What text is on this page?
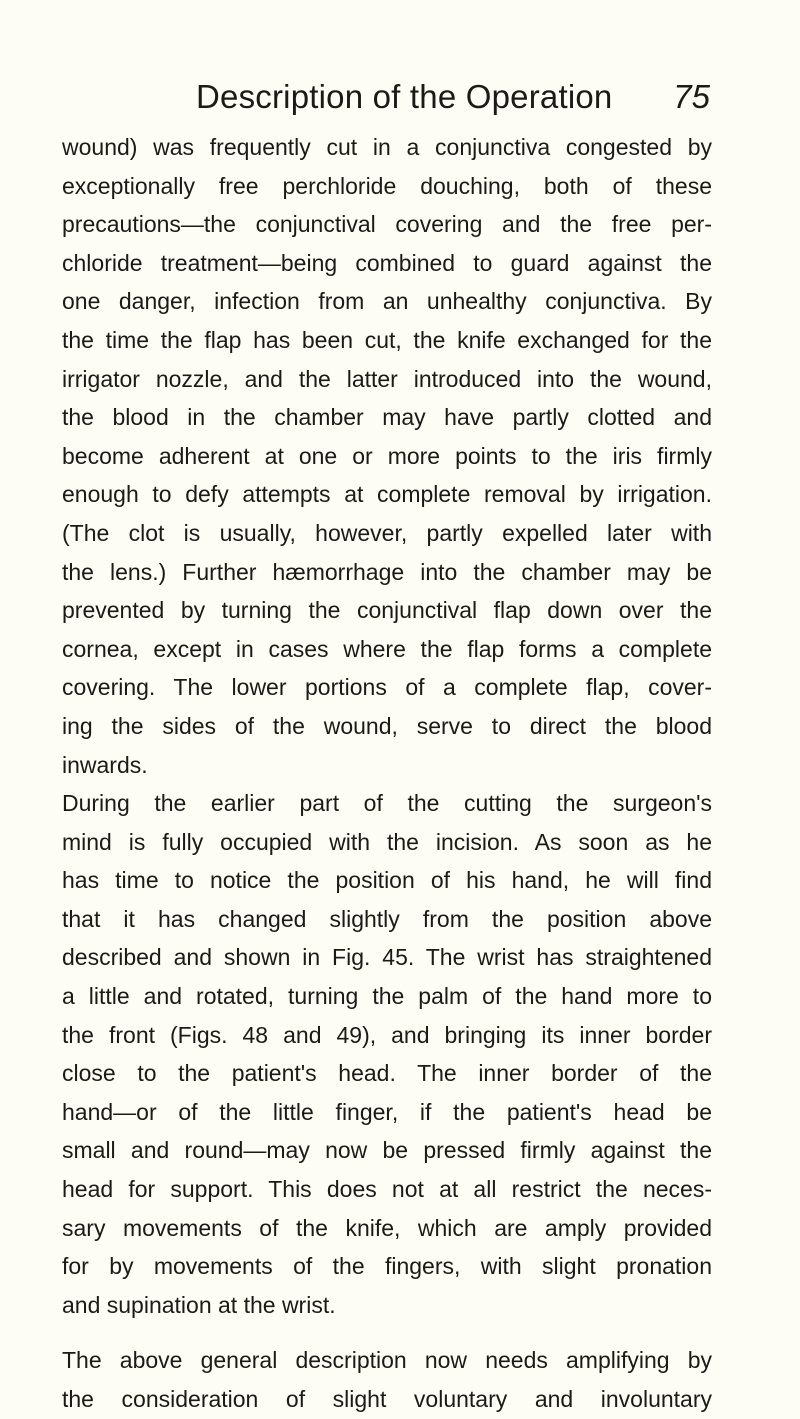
Description of the Operation 75
wound) was frequently cut in a conjunctiva congested by
exceptionally free perchloride douching, both of these
precautions—the conjunctival covering and the free per-
chloride treatment—being combined to guard against the
one danger, infection from an unhealthy conjunctiva. By
the time the flap has been cut, the knife exchanged for the
irrigator nozzle, and the latter introduced into the wound,
the blood in the chamber may have partly clotted and
become adherent at one or more points to the iris firmly
enough to defy attempts at complete removal by irrigation.
(The clot is usually, however, partly expelled later with
the lens.) Further hæmorrhage into the chamber may be
prevented by turning the conjunctival flap down over the
cornea, except in cases where the flap forms a complete
covering. The lower portions of a complete flap, cover-
ing the sides of the wound, serve to direct the blood
inwards.
During the earlier part of the cutting the surgeon's
mind is fully occupied with the incision. As soon as he
has time to notice the position of his hand, he will find
that it has changed slightly from the position above
described and shown in Fig. 45. The wrist has straightened
a little and rotated, turning the palm of the hand more to
the front (Figs. 48 and 49), and bringing its inner border
close to the patient's head. The inner border of the
hand—or of the little finger, if the patient's head be
small and round—may now be pressed firmly against the
head for support. This does not at all restrict the neces-
sary movements of the knife, which are amply provided
for by movements of the fingers, with slight pronation
and supination at the wrist.
The above general description now needs amplifying by
the consideration of slight voluntary and involuntary
